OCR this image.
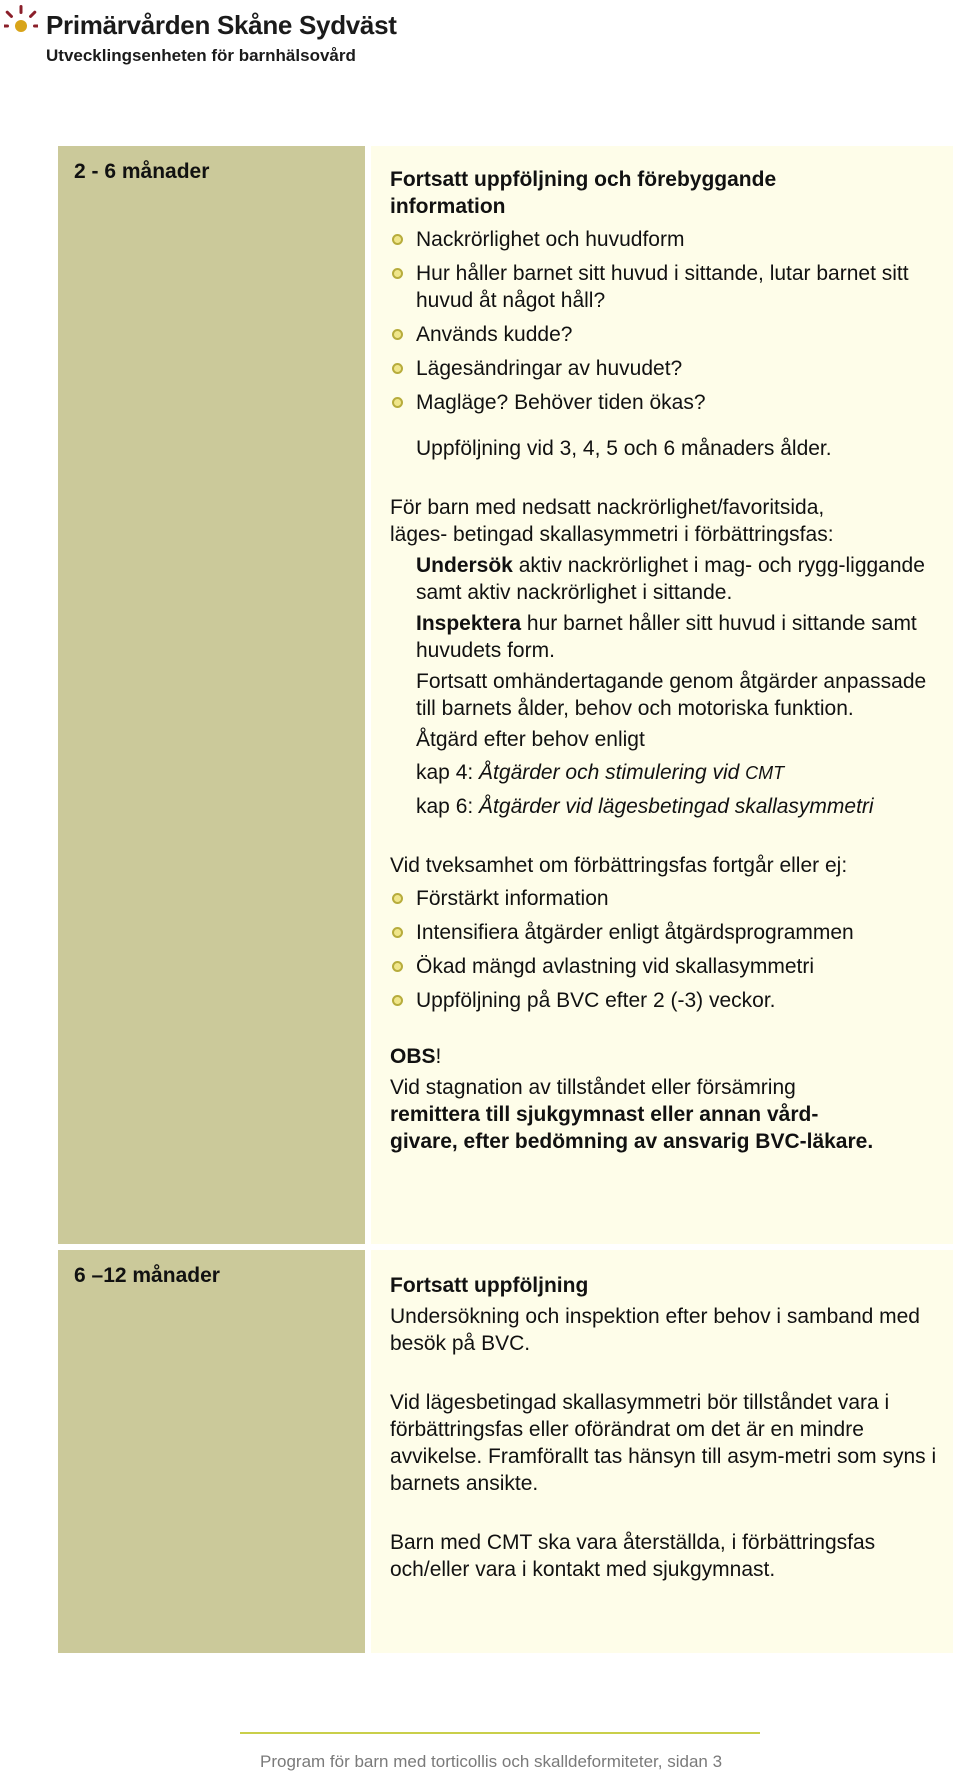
Primärvården Skåne Sydväst
Utvecklingsenheten för barnhälsovård
2 - 6 månader	Fortsatt uppföljning och förebyggande
information

Nackrörlighet och huvudform
Hur håller barnet sitt huvud i sittande, lutar barnet sitt huvud åt något håll?
Används kudde?
Lägesändringar av huvudet?
Magläge? Behöver tiden ökas?

Uppföljning vid 3, 4, 5 och 6 månaders ålder.

För barn med nedsatt nackrörlighet/favoritsida,
läges- betingad skallasymmetri i förbättringsfas:

Undersök aktiv nackrörlighet i mag- och rygg-liggande samt aktiv nackrörlighet i sittande.

Inspektera hur barnet håller sitt huvud i sittande samt huvudets form.

Fortsatt omhändertagande genom åtgärder anpassade till barnets ålder, behov och motoriska funktion.

Åtgärd efter behov enligt

kap 4: Åtgärder och stimulering vid CMT

kap 6: Åtgärder vid lägesbetingad skallasymmetri

Vid tveksamhet om förbättringsfas fortgår eller ej:

Förstärkt information
Intensifiera åtgärder enligt åtgärdsprogrammen
Ökad mängd avlastning vid skallasymmetri
Uppföljning på BVC efter 2 (-3) veckor.

OBS!

Vid stagnation av tillståndet eller försämring

remittera till sjukgymnast eller annan vård-
givare, efter bedömning av ansvarig BVC-läkare.

6 –12 månader	Fortsatt uppföljning

Undersökning och inspektion efter behov i samband med besök på BVC.

Vid lägesbetingad skallasymmetri bör tillståndet vara i förbättringsfas eller oförändrat om det är en mindre avvikelse. Framförallt tas hänsyn till asym-metri som syns i barnets ansikte.

Barn med CMT ska vara återställda, i förbättringsfas och/eller vara i kontakt med sjukgymnast.

Program för barn med torticollis och skalldeformiteter, sidan 3
